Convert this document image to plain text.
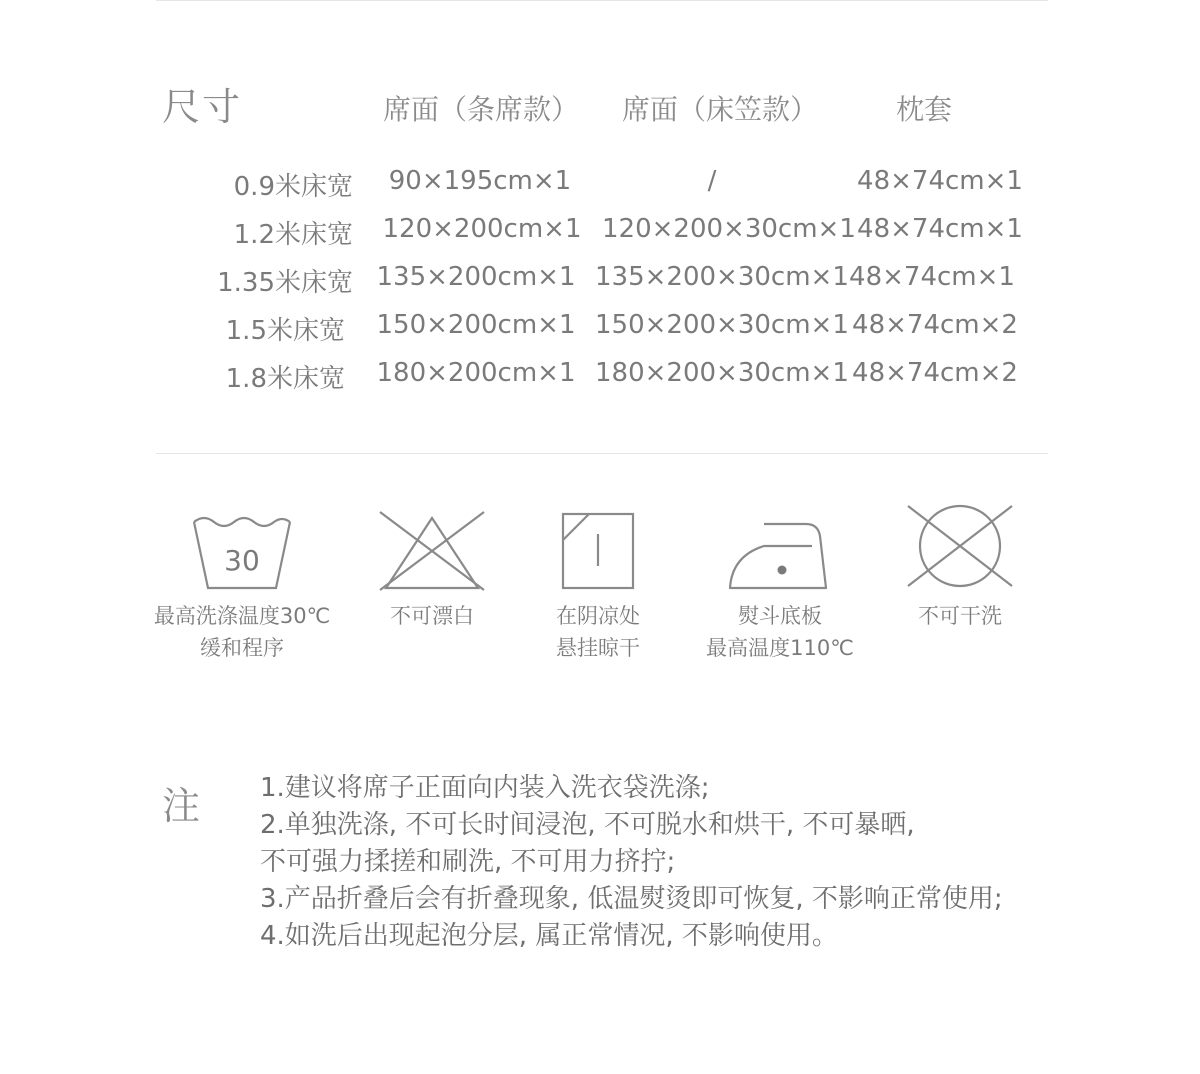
尺寸	席面（条席款） 席面（床笠款）	枕套
0.9米床宽	90×195cm×1	/	48×74cm×1
1.2米床宽 120×200cm×1 120×200×30cm×1 48×74cm×1
1.35米床宽 135×200cm×1 135×200×30cm×1 48×74cm×1
1.5米床宽 150×200cm×1 150×200×30cm×1 48×74cm×2
1.8米床宽 180×200cm×1 180×200×30cm×1 48×74cm×2
30
最高洗涤温度30℃
缓和程序
不可漂白	在阴凉处
悬挂晾干
熨斗底板
最高温度110℃
不可干洗
注 1.建议将席子正面向内装入洗衣袋洗涤;
2.单独洗涤, 不可长时间浸泡, 不可脱水和烘干, 不可暴晒,
不可强力揉搓和刷洗, 不可用力挤拧;
3.产品折叠后会有折叠现象, 低温熨烫即可恢复, 不影响正常使用;
4.如洗后出现起泡分层, 属正常情况, 不影响使用。
